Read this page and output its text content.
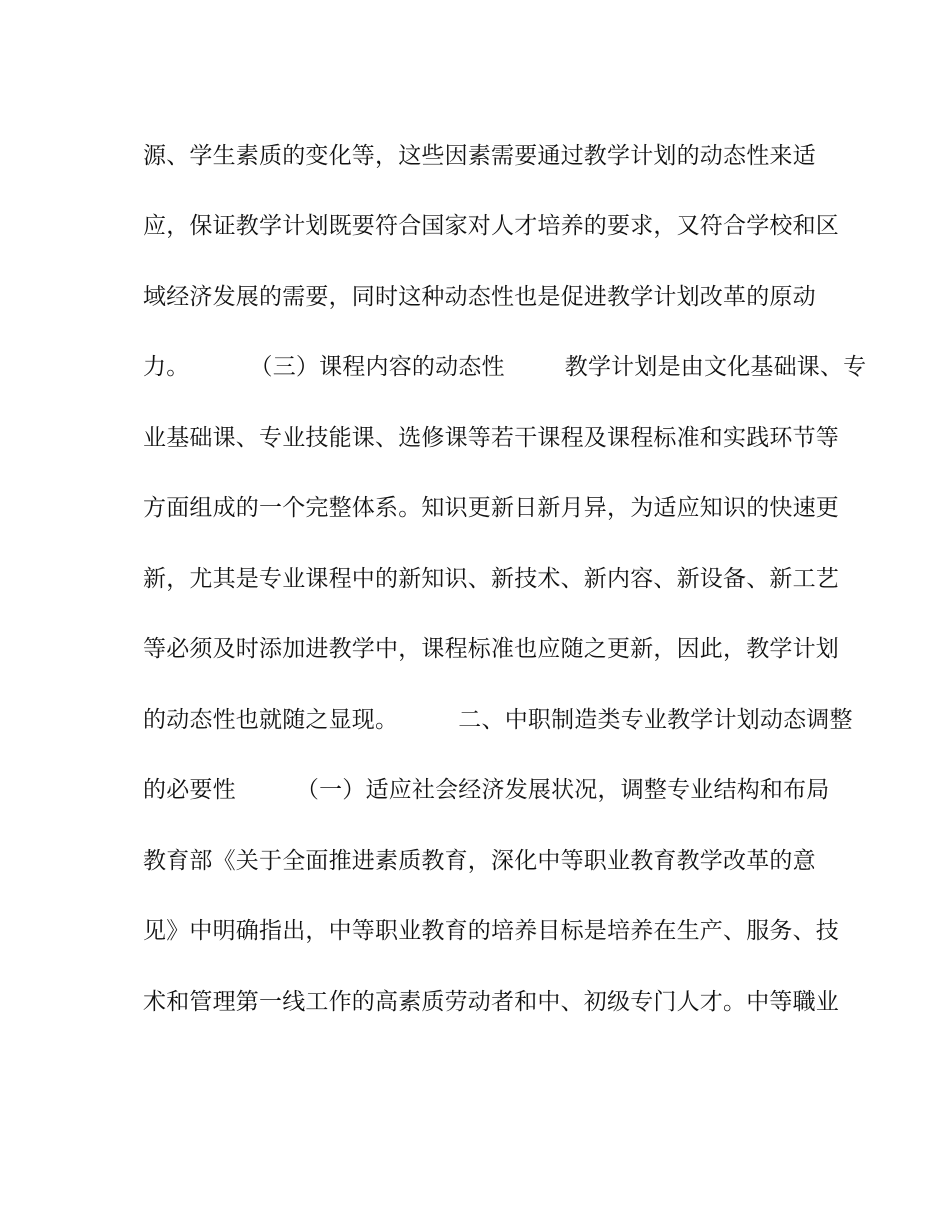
源、学生素质的变化等，这些因素需要通过教学计划的动态性来适
应，保证教学计划既要符合国家对人才培养的要求，又符合学校和区
域经济发展的需要，同时这种动态性也是促进教学计划改革的原动
力。        （三）课程内容的动态性        教学计划是由文化基础课、专
业基础课、专业技能课、选修课等若干课程及课程标准和实践环节等
方面组成的一个完整体系。知识更新日新月异，为适应知识的快速更
新，尤其是专业课程中的新知识、新技术、新内容、新设备、新工艺
等必须及时添加进教学中，课程标准也应随之更新，因此，教学计划
的动态性也就随之显现。        二、中职制造类专业教学计划动态调整
的必要性        （一）适应社会经济发展状况，调整专业结构和布局
教育部《关于全面推进素质教育，深化中等职业教育教学改革的意
见》中明确指出，中等职业教育的培养目标是培养在生产、服务、技
术和管理第一线工作的高素质劳动者和中、初级专门人才。中等職业
